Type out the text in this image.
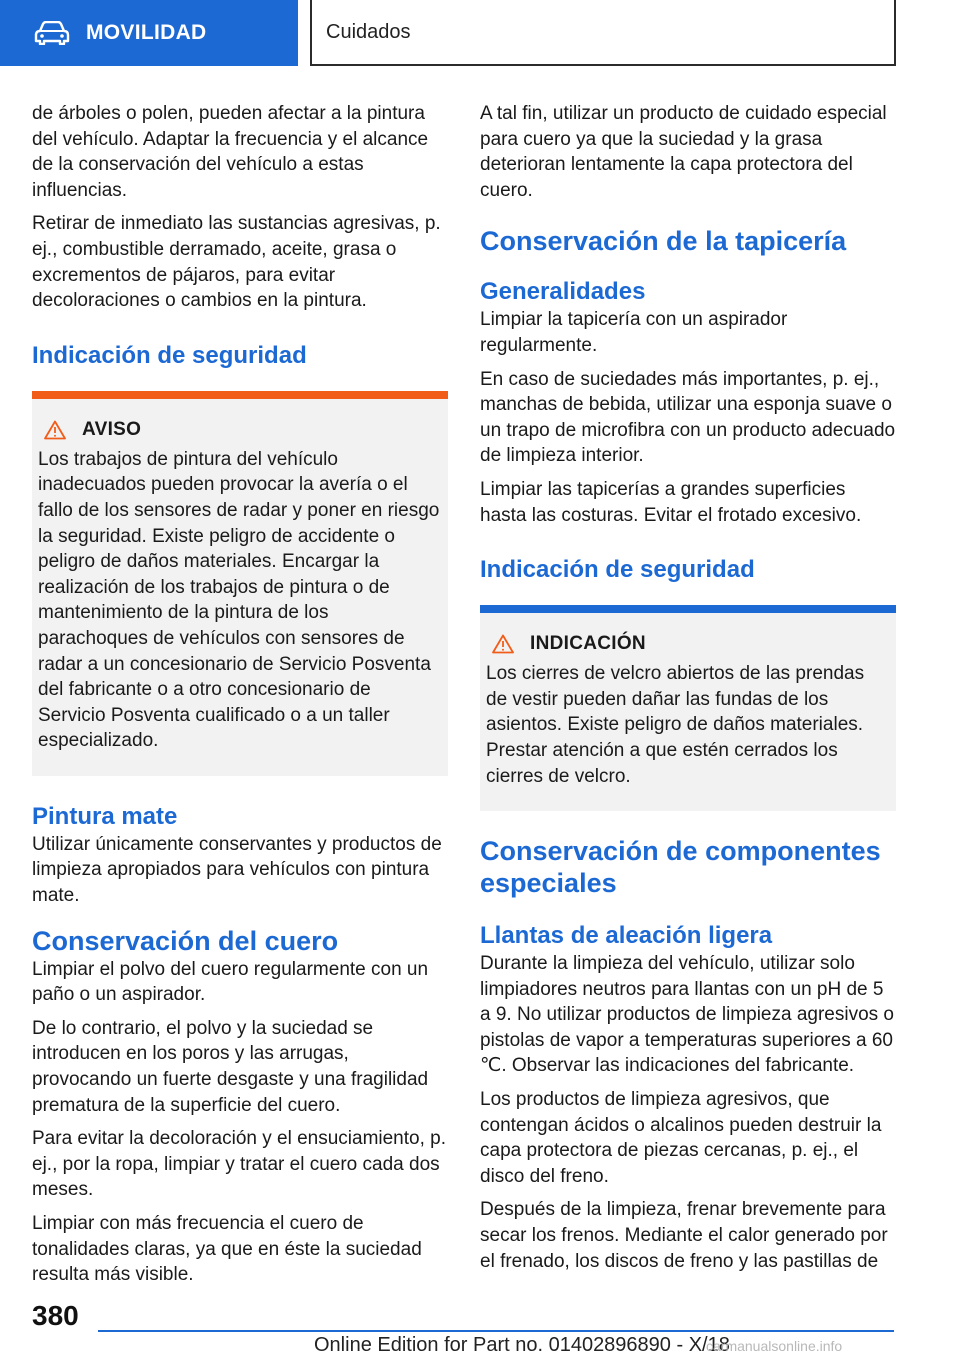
MOVILIDAD	Cuidados

de árboles o polen, pueden afectar a la pintura del vehículo. Adaptar la frecuencia y el alcance de la conservación del vehículo a estas influencias.

Retirar de inmediato las sustancias agresivas, p. ej., combustible derramado, aceite, grasa o excrementos de pájaros, para evitar decoloraciones o cambios en la pintura.

Indicación de seguridad
AVISO

Los trabajos de pintura del vehículo inadecuados pueden provocar la avería o el fallo de los sensores de radar y poner en riesgo la seguridad. Existe peligro de accidente o peligro de daños materiales. Encargar la realización de los trabajos de pintura o de mantenimiento de la pintura de los parachoques de vehículos con sensores de radar a un concesionario de Servicio Posventa del fabricante o a otro concesionario de Servicio Posventa cualificado o a un taller especializado.

Pintura mate

Utilizar únicamente conservantes y productos de limpieza apropiados para vehículos con pintura mate.

Conservación del cuero

Limpiar el polvo del cuero regularmente con un paño o un aspirador.

De lo contrario, el polvo y la suciedad se introducen en los poros y las arrugas, provocando un fuerte desgaste y una fragilidad prematura de la superficie del cuero.

Para evitar la decoloración y el ensuciamiento, p. ej., por la ropa, limpiar y tratar el cuero cada dos meses.

Limpiar con más frecuencia el cuero de tonalidades claras, ya que en éste la suciedad resulta más visible.

A tal fin, utilizar un producto de cuidado especial para cuero ya que la suciedad y la grasa deterioran lentamente la capa protectora del cuero.

Conservación de la tapicería
Generalidades

Limpiar la tapicería con un aspirador regularmente.

En caso de suciedades más importantes, p. ej., manchas de bebida, utilizar una esponja suave o un trapo de microfibra con un producto adecuado de limpieza interior.

Limpiar las tapicerías a grandes superficies hasta las costuras. Evitar el frotado excesivo.

Indicación de seguridad
INDICACIÓN

Los cierres de velcro abiertos de las prendas de vestir pueden dañar las fundas de los asientos. Existe peligro de daños materiales. Prestar atención a que estén cerrados los cierres de velcro.

Conservación de componentes especiales
Llantas de aleación ligera

Durante la limpieza del vehículo, utilizar solo limpiadores neutros para llantas con un pH de 5 a 9. No utilizar productos de limpieza agresivos o pistolas de vapor a temperaturas superiores a 60 ℃. Observar las indicaciones del fabricante.

Los productos de limpieza agresivos, que contengan ácidos o alcalinos pueden destruir la capa protectora de piezas cercanas, p. ej., el disco del freno.

Después de la limpieza, frenar brevemente para secar los frenos. Mediante el calor generado por el frenado, los discos de freno y las pastillas de

380
Online Edition for Part no. 01402896890 - X/18
carmanualsonline.info
